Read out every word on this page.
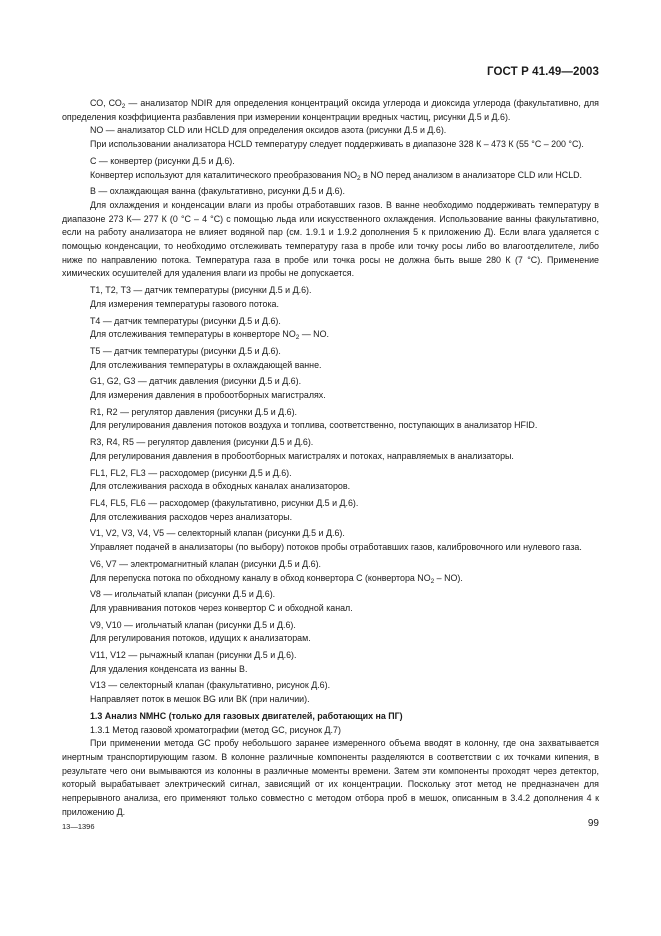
ГОСТ Р 41.49—2003

СО, $СО_2$ — анализатор NDIR для определения концентраций оксида углерода и диоксида углерода (факультативно, для определения коэффициента разбавления при измерении концентрации вредных частиц, рисунки Д.5 и Д.6).

NO — анализатор CLD или HCLD для определения оксидов азота (рисунки Д.5 и Д.6).

При использовании анализатора HCLD температуру следует поддерживать в диапазоне 328 К – 473 К (55 °С – 200 °С).

С — конвертер (рисунки Д.5 и Д.6).

Конвертер используют для каталитического преобразования $NO_2$ в NO перед анализом в анализаторе CLD или HCLD.

В — охлаждающая ванна (факультативно, рисунки Д.5 и Д.6).

Для охлаждения и конденсации влаги из пробы отработавших газов. В ванне необходимо поддерживать температуру в диапазоне 273 К— 277 К (0 °С – 4 °С) с помощью льда или искусственного охлаждения. Использование ванны факультативно, если на работу анализатора не влияет водяной пар (см. 1.9.1 и 1.9.2 дополнения 5 к приложению Д). Если влага удаляется с помощью конденсации, то необходимо отслеживать температуру газа в пробе или точку росы либо во влагоотделителе, либо ниже по направлению потока. Температура газа в пробе или точка росы не должна быть выше 280 К (7 °С). Применение химических осушителей для удаления влаги из пробы не допускается.

Т1, Т2, Т3 — датчик температуры (рисунки Д.5 и Д.6).

Для измерения температуры газового потока.

Т4 — датчик температуры (рисунки Д.5 и Д.6).

Для отслеживания температуры в конверторе $NO_2$ — NO.

Т5 — датчик температуры (рисунки Д.5 и Д.6).

Для отслеживания температуры в охлаждающей ванне.

G1, G2, G3 — датчик давления (рисунки Д.5 и Д.6).

Для измерения давления в пробоотборных магистралях.

R1, R2 — регулятор давления (рисунки Д.5 и Д.6).

Для регулирования давления потоков воздуха и топлива, соответственно, поступающих в анализатор HFID.

R3, R4, R5 — регулятор давления (рисунки Д.5 и Д.6).

Для регулирования давления в пробоотборных магистралях и потоках, направляемых в анализаторы.

FL1, FL2, FL3 — расходомер (рисунки Д.5 и Д.6).

Для отслеживания расхода в обходных каналах анализаторов.

FL4, FL5, FL6 — расходомер (факультативно, рисунки Д.5 и Д.6).

Для отслеживания расходов через анализаторы.

V1, V2, V3, V4, V5 — селекторный клапан (рисунки Д.5 и Д.6).

Управляет подачей в анализаторы (по выбору) потоков пробы отработавших газов, калибровочного или нулевого газа.

V6, V7 — электромагнитный клапан (рисунки Д.5 и Д.6).

Для перепуска потока по обходному каналу в обход конвертора С (конвертора $NO_2 - NO$).

V8 — игольчатый клапан (рисунки Д.5 и Д.6).

Для уравнивания потоков через конвертор С и обходной канал.

V9, V10 — игольчатый клапан (рисунки Д.5 и Д.6).

Для регулирования потоков, идущих к анализаторам.

V11, V12 — рычажный клапан (рисунки Д.5 и Д.6).

Для удаления конденсата из ванны В.

V13 — селекторный клапан (факультативно, рисунок Д.6).

Направляет поток в мешок BG или ВК (при наличии).

1.3 Анализ NMHC (только для газовых двигателей, работающих на ПГ)

1.3.1 Метод газовой хроматографии (метод GC, рисунок Д.7)

При применении метода GC пробу небольшого заранее измеренного объема вводят в колонну, где она захватывается инертным транспортирующим газом. В колонне различные компоненты разделяются в соответствии с их точками кипения, в результате чего они вымываются из колонны в различные моменты времени. Затем эти компоненты проходят через детектор, который вырабатывает электрический сигнал, зависящий от их концентрации. Поскольку этот метод не предназначен для непрерывного анализа, его применяют только совместно с методом отбора проб в мешок, описанным в 3.4.2 дополнения 4 к приложению Д.

13—1396	99
